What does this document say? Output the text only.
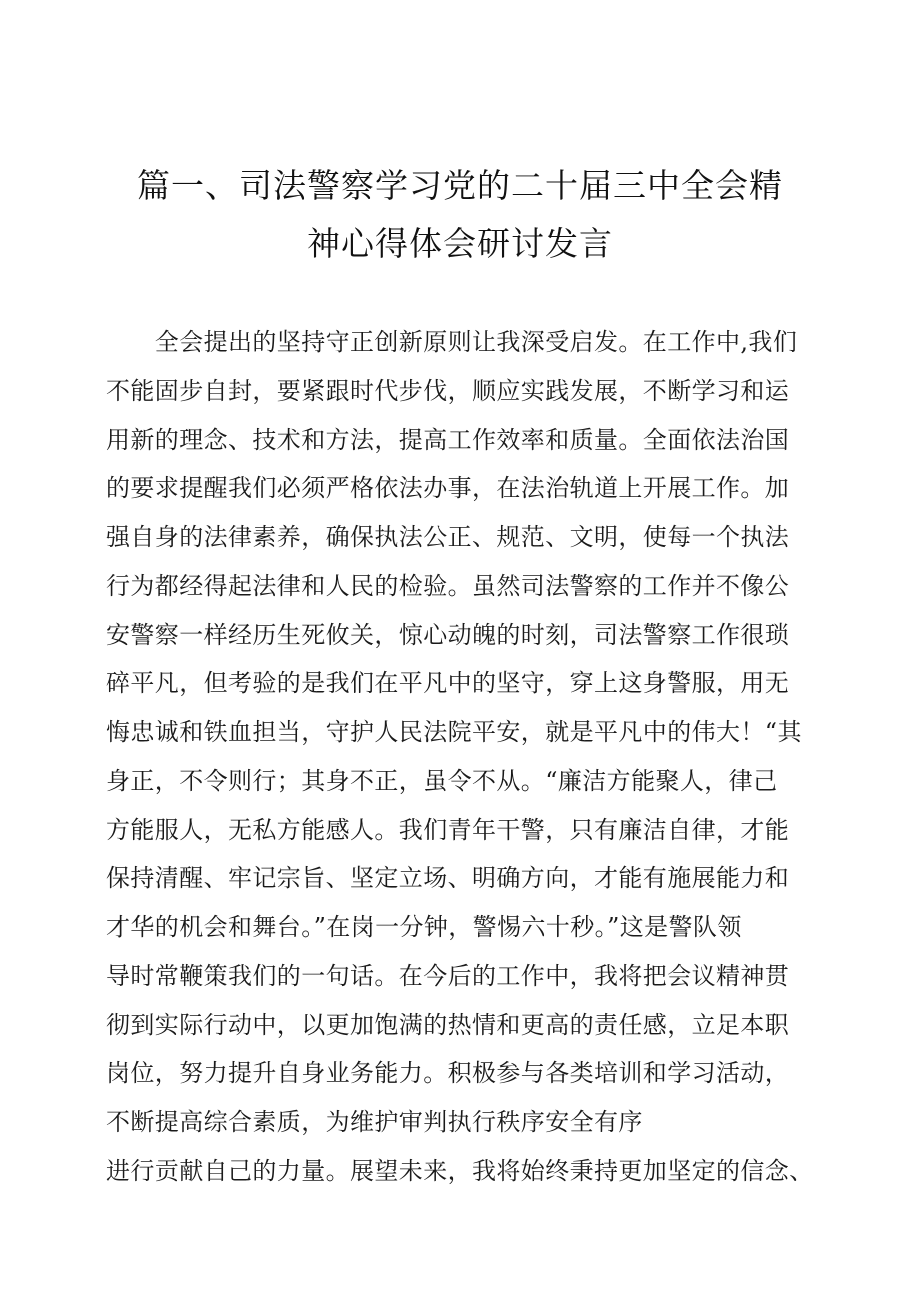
篇一、司法警察学习党的二十届三中全会精
神心得体会研讨发言
　　全会提出的坚持守正创新原则让我深受启发。在工作中,我们
不能固步自封，要紧跟时代步伐，顺应实践发展，不断学习和运
用新的理念、技术和方法，提高工作效率和质量。全面依法治国
的要求提醒我们必须严格依法办事，在法治轨道上开展工作。加
强自身的法律素养，确保执法公正、规范、文明，使每一个执法
行为都经得起法律和人民的检验。虽然司法警察的工作并不像公
安警察一样经历生死攸关，惊心动魄的时刻，司法警察工作很琐
碎平凡，但考验的是我们在平凡中的坚守，穿上这身警服，用无
悔忠诚和铁血担当，守护人民法院平安，就是平凡中的伟大！“其
身正，不令则行；其身不正，虽令不从。“廉洁方能聚人，律己
方能服人，无私方能感人。我们青年干警，只有廉洁自律，才能
保持清醒、牢记宗旨、坚定立场、明确方向，才能有施展能力和
才华的机会和舞台。”在岗一分钟，警惕六十秒。”这是警队领
导时常鞭策我们的一句话。在今后的工作中，我将把会议精神贯
彻到实际行动中，以更加饱满的热情和更高的责任感，立足本职
岗位，努力提升自身业务能力。积极参与各类培训和学习活动，
不断提高综合素质，为维护审判执行秩序安全有序
进行贡献自己的力量。展望未来，我将始终秉持更加坚定的信念、
